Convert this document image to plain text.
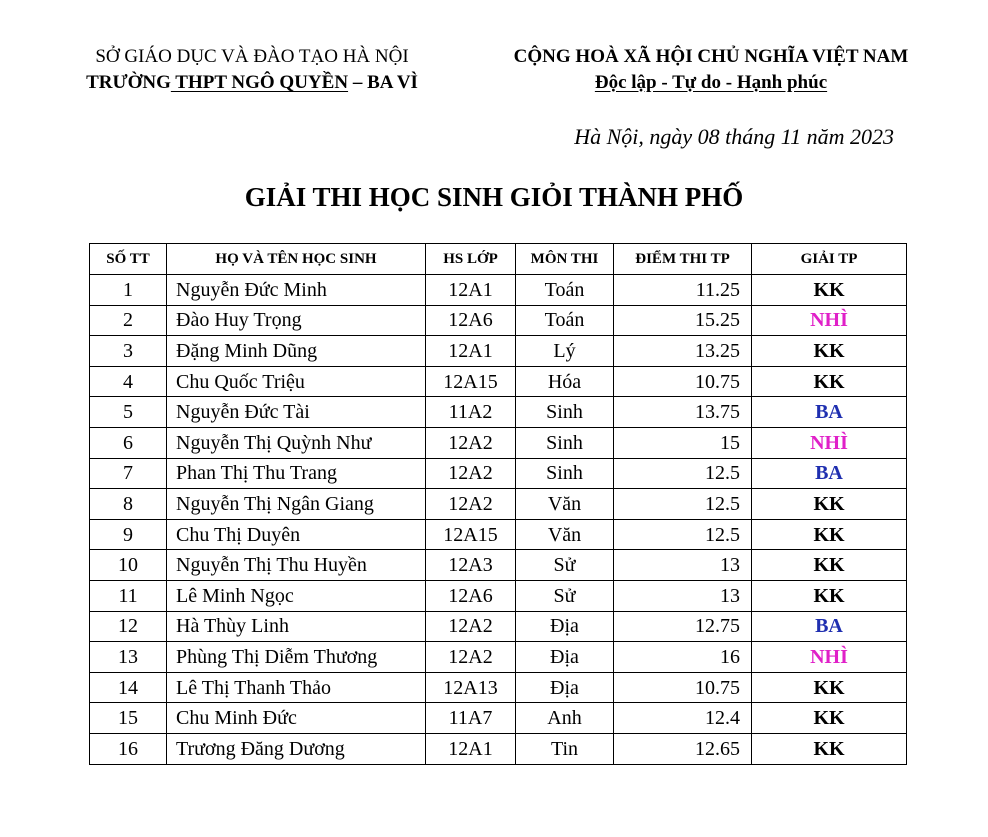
SỞ GIÁO DỤC VÀ ĐÀO TẠO HÀ NỘI
TRƯỜNG THPT NGÔ QUYỀN – BA VÌ
CỘNG HOÀ XÃ HỘI CHỦ NGHĨA VIỆT NAM
Độc lập - Tự do - Hạnh phúc
Hà Nội, ngày 08 tháng 11 năm 2023
GIẢI THI HỌC SINH GIỎI THÀNH PHỐ
SỐ TT	HỌ VÀ TÊN HỌC SINH	HS LỚP	MÔN THI	ĐIỂM THI TP	GIẢI TP
1	Nguyễn Đức Minh	12A1	Toán	11.25	KK
2	Đào Huy Trọng	12A6	Toán	15.25	NHÌ
3	Đặng Minh Dũng	12A1	Lý	13.25	KK
4	Chu Quốc Triệu	12A15	Hóa	10.75	KK
5	Nguyễn Đức Tài	11A2	Sinh	13.75	BA
6	Nguyễn Thị Quỳnh Như	12A2	Sinh	15	NHÌ
7	Phan Thị Thu Trang	12A2	Sinh	12.5	BA
8	Nguyễn Thị Ngân Giang	12A2	Văn	12.5	KK
9	Chu Thị Duyên	12A15	Văn	12.5	KK
10	Nguyễn Thị Thu Huyền	12A3	Sử	13	KK
11	Lê Minh Ngọc	12A6	Sử	13	KK
12	Hà Thùy Linh	12A2	Địa	12.75	BA
13	Phùng Thị Diễm Thương	12A2	Địa	16	NHÌ
14	Lê Thị Thanh Thảo	12A13	Địa	10.75	KK
15	Chu Minh Đức	11A7	Anh	12.4	KK
16	Trương Đăng Dương	12A1	Tin	12.65	KK
